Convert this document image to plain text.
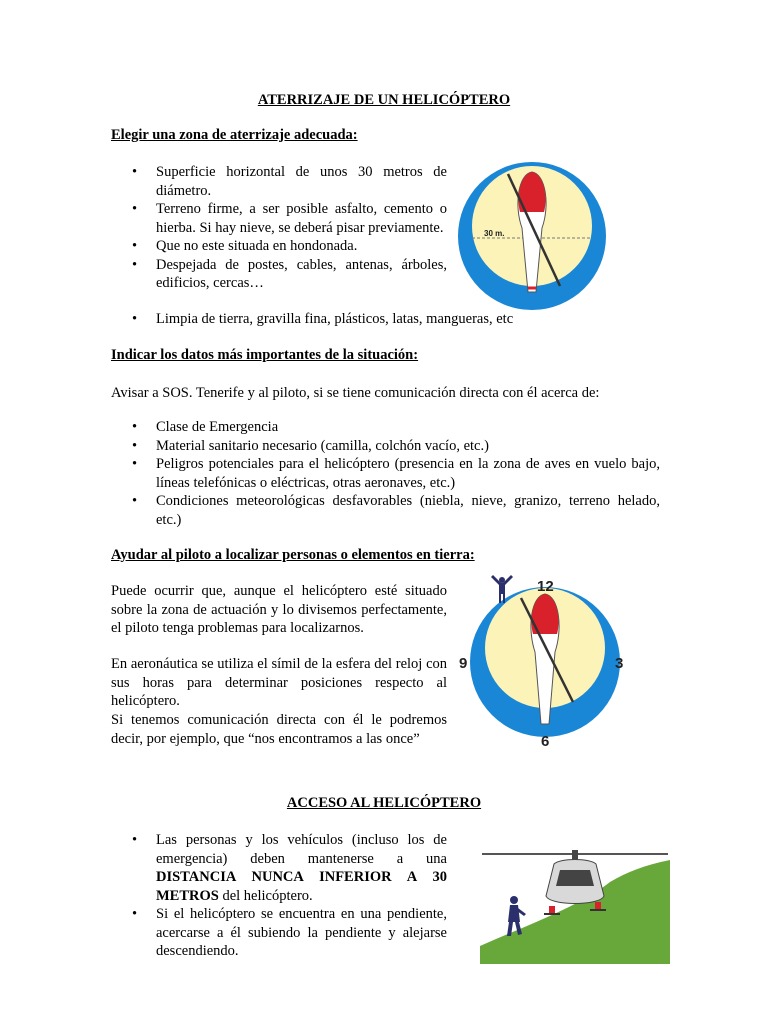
ATERRIZAJE DE UN HELICÓPTERO
Elegir una zona de aterrizaje adecuada:
• Superficie horizontal de unos 30 metros de diámetro.
• Terreno firme, a ser posible asfalto, cemento o hierba. Si hay nieve, se deberá pisar previamente.
• Que no este situada en hondonada.
• Despejada de postes, cables, antenas, árboles, edificios, cercas…
• Limpia de tierra, gravilla fina, plásticos, latas, mangueras, etc
30 m.
Indicar los datos más importantes de la situación:

Avisar a SOS. Tenerife y al piloto, si se tiene comunicación directa con él acerca de:

• Clase de Emergencia
• Material sanitario necesario (camilla, colchón vacío, etc.)
• Peligros potenciales para el helicóptero (presencia en la zona de aves en vuelo bajo, líneas telefónicas o eléctricas, otras aeronaves, etc.)
• Condiciones meteorológicas desfavorables (niebla, nieve, granizo, terreno helado, etc.)
Ayudar al piloto a localizar personas o elementos en tierra:

Puede ocurrir que, aunque el helicóptero esté situado sobre la zona de actuación y lo divisemos perfectamente, el piloto tenga problemas para localizarnos.

En aeronáutica se utiliza el símil de la esfera del reloj con sus horas para determinar posiciones respecto al helicóptero.

Si tenemos comunicación directa con él le podremos decir, por ejemplo, que “nos encontramos a las once”

12
3
6
9
ACCESO AL HELICÓPTERO
• Las personas y los vehículos (incluso los de emergencia) deben mantenerse a una DISTANCIA NUNCA INFERIOR A 30 METROS del helicóptero.
• Si el helicóptero se encuentra en una pendiente, acercarse a él subiendo la pendiente y alejarse descendiendo.
